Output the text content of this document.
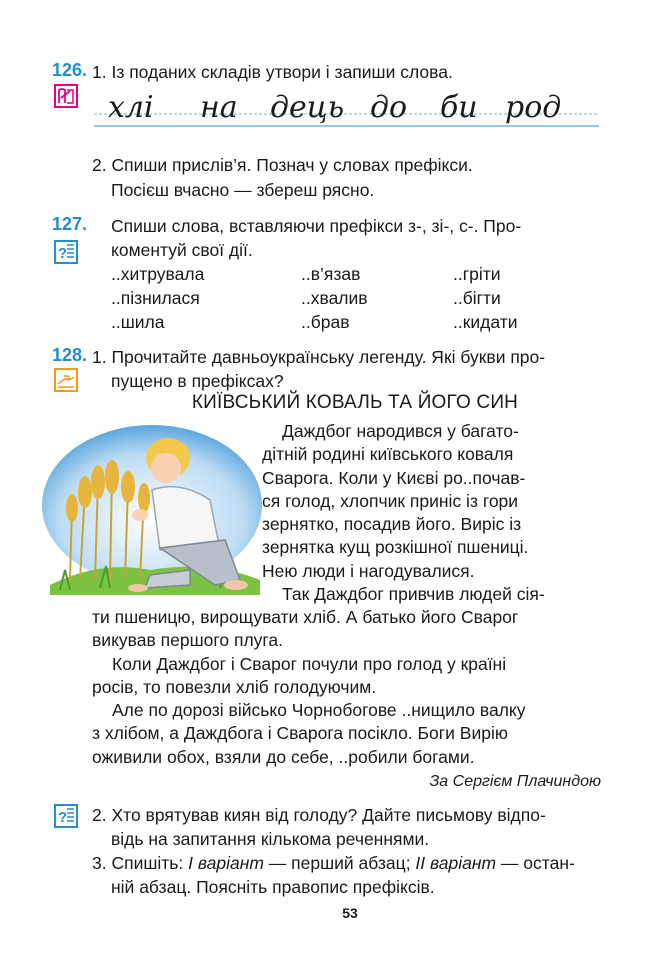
126. 1. Із поданих складів утвори і запиши слова.
хлі на дець до би род
2. Спиши прислів’я. Познач у словах префікси.
Посієш вчасно — збереш рясно.
127.
?
Спиши слова, вставляючи префікси з-, зі-, с-. Про-
коментуй свої дії.
..хитрувала	..в’язав	..гріти
..пізнилася	..хвалив	..бігти
..шила	..брав	..кидати
128. 1. Прочитайте давньоукраїнську легенду. Які букви про-
пущено в префіксах?
КИЇВСЬКИЙ КОВАЛЬ ТА ЙОГО СИН

Даждбог народився у багато-

дітній родині київського коваля

Сварога. Коли у Києві ро..почав-

ся голод, хлопчик приніс із гори

зернятко, посадив його. Виріс із

зернятка кущ розкішної пшениці.

Нею люди і нагодувалися.

Так Даждбог привчив людей сія-

ти пшеницю, вирощувати хліб. А батько його Сварог

викував першого плуга.

Коли Даждбог і Сварог почули про голод у країні

росів, то повезли хліб голодуючим.

Але по дорозі військо Чорнобогове ..нищило валку

з хлібом, а Даждбога і Сварога посікло. Боги Вирію

оживили обох, взяли до себе, ..робили богами.

За Сергієм Плачиндою
? 2. Хто врятував киян від голоду? Дайте письмову відпо-
відь на запитання кількома реченнями.
3. Спишіть: І варіант — перший абзац; ІІ варіант — остан-
ній абзац. Поясніть правопис префіксів.
53
